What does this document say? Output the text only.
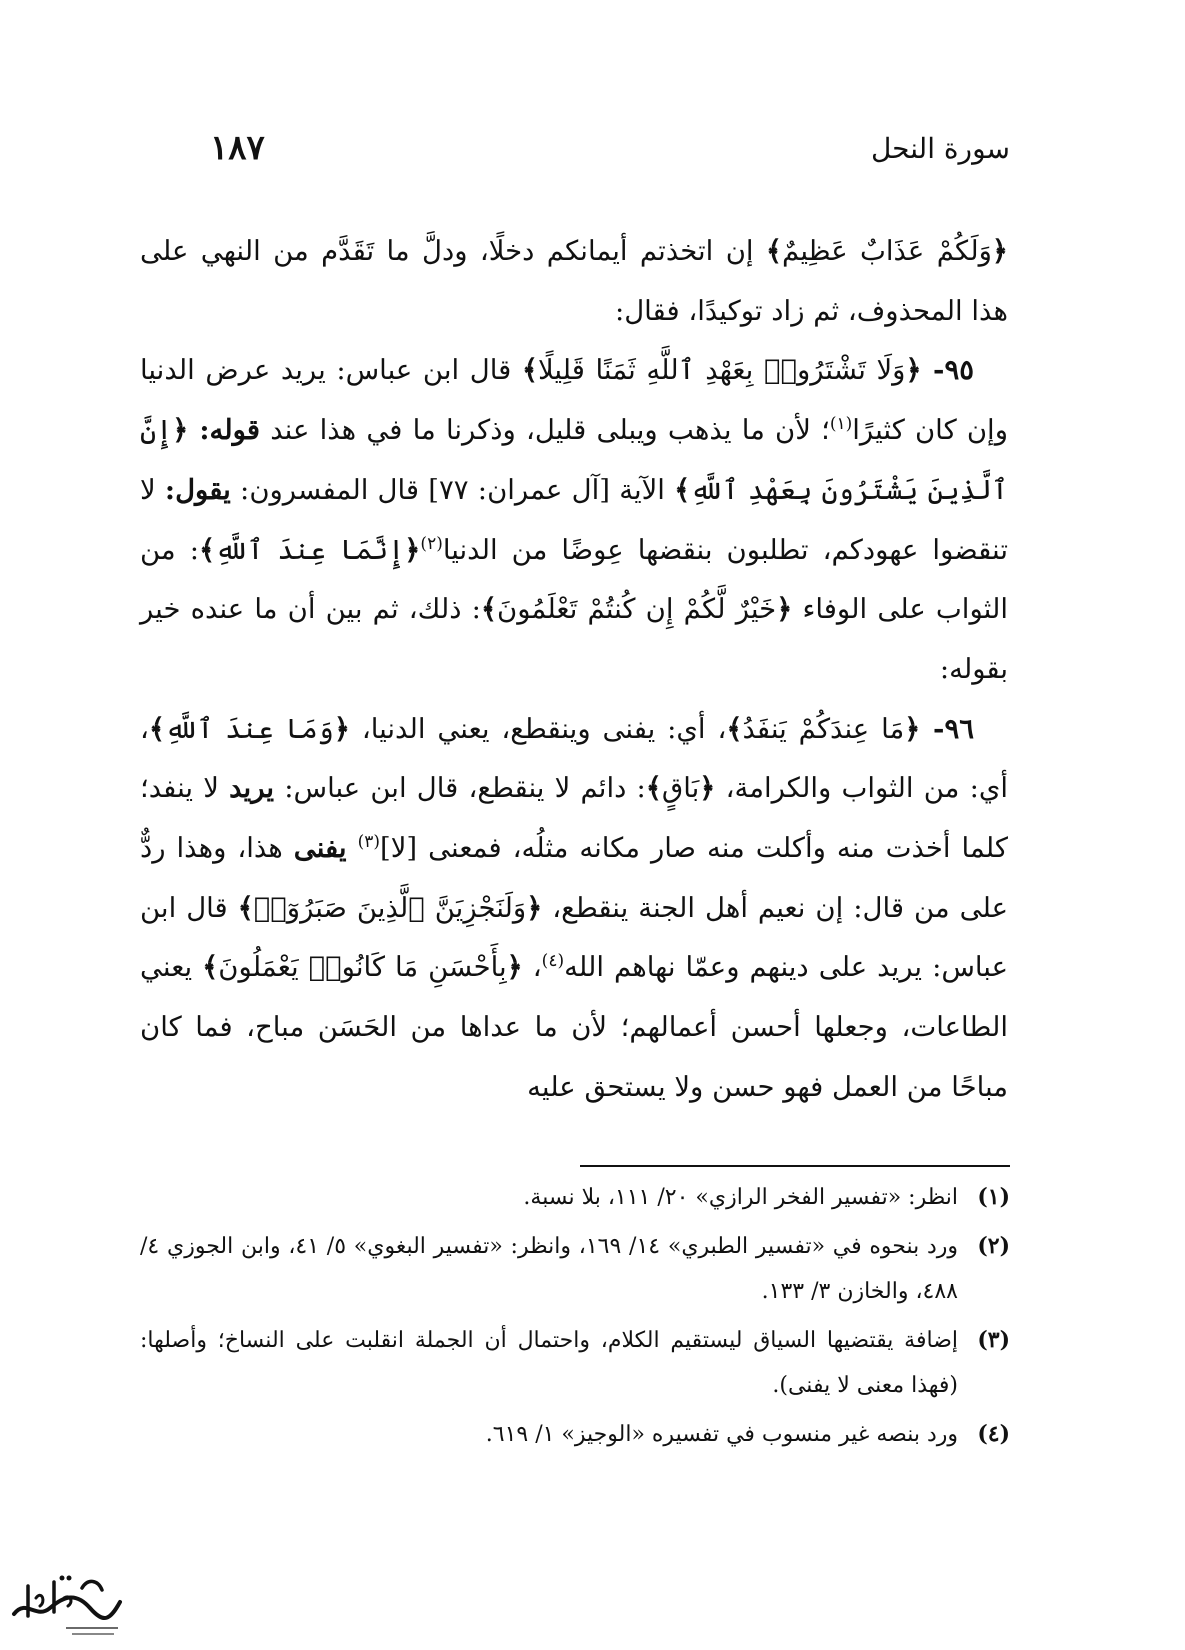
١٨٧	سورة النحل

﴿وَلَكُمْ عَذَابٌ عَظِيمٌ﴾ إن اتخذتم أيمانكم دخلًا، ودلَّ ما تَقَدَّم من النهي على هذا المحذوف، ثم زاد توكيدًا، فقال:

٩٥- ﴿وَلَا تَشْتَرُوا۟ بِعَهْدِ ٱللَّهِ ثَمَنًا قَلِيلًا﴾ قال ابن عباس: يريد عرض الدنيا وإن كان كثيرًا$^{(١)}$؛ لأن ما يذهب ويبلى قليل، وذكرنا ما في هذا عند قوله: ﴿إِنَّ ٱلَّذِينَ يَشْتَرُونَ بِعَهْدِ ٱللَّهِ﴾ الآية [آل عمران: ٧٧] قال المفسرون: يقول: لا تنقضوا عهودكم، تطلبون بنقضها عِوضًا من الدنيا$^{(٢)}$﴿إِنَّمَا عِندَ ٱللَّهِ﴾: من الثواب على الوفاء ﴿خَيْرٌ لَّكُمْ إِن كُنتُمْ تَعْلَمُونَ﴾: ذلك، ثم بين أن ما عنده خير بقوله:

٩٦- ﴿مَا عِندَكُمْ يَنفَدُ﴾، أي: يفنى وينقطع، يعني الدنيا، ﴿وَمَا عِندَ ٱللَّهِ﴾، أي: من الثواب والكرامة، ﴿بَاقٍ﴾: دائم لا ينقطع، قال ابن عباس: يريد لا ينفد؛ كلما أخذت منه وأكلت منه صار مكانه مثلُه، فمعنى [لا]$^{(٣)}$ يفنى هذا، وهذا ردٌّ على من قال: إن نعيم أهل الجنة ينقطع، ﴿وَلَنَجْزِيَنَّ ٱلَّذِينَ صَبَرُوٓا۟﴾ قال ابن عباس: يريد على دينهم وعمّا نهاهم الله$^{(٤)}$، ﴿بِأَحْسَنِ مَا كَانُوا۟ يَعْمَلُونَ﴾ يعني الطاعات، وجعلها أحسن أعمالهم؛ لأن ما عداها من الحَسَن مباح، فما كان مباحًا من العمل فهو حسن ولا يستحق عليه

(١)
انظر: «تفسير الفخر الرازي» ٢٠/ ١١١، بلا نسبة.

(٢)
ورد بنحوه في «تفسير الطبري» ١٤/ ١٦٩، وانظر: «تفسير البغوي» ٥/ ٤١، وابن الجوزي ٤/ ٤٨٨، والخازن ٣/ ١٣٣.

(٣)
إضافة يقتضيها السياق ليستقيم الكلام، واحتمال أن الجملة انقلبت على النساخ؛ وأصلها: (فهذا معنى لا يفنى).

(٤)
ورد بنصه غير منسوب في تفسيره «الوجيز» ١/ ٦١٩.
